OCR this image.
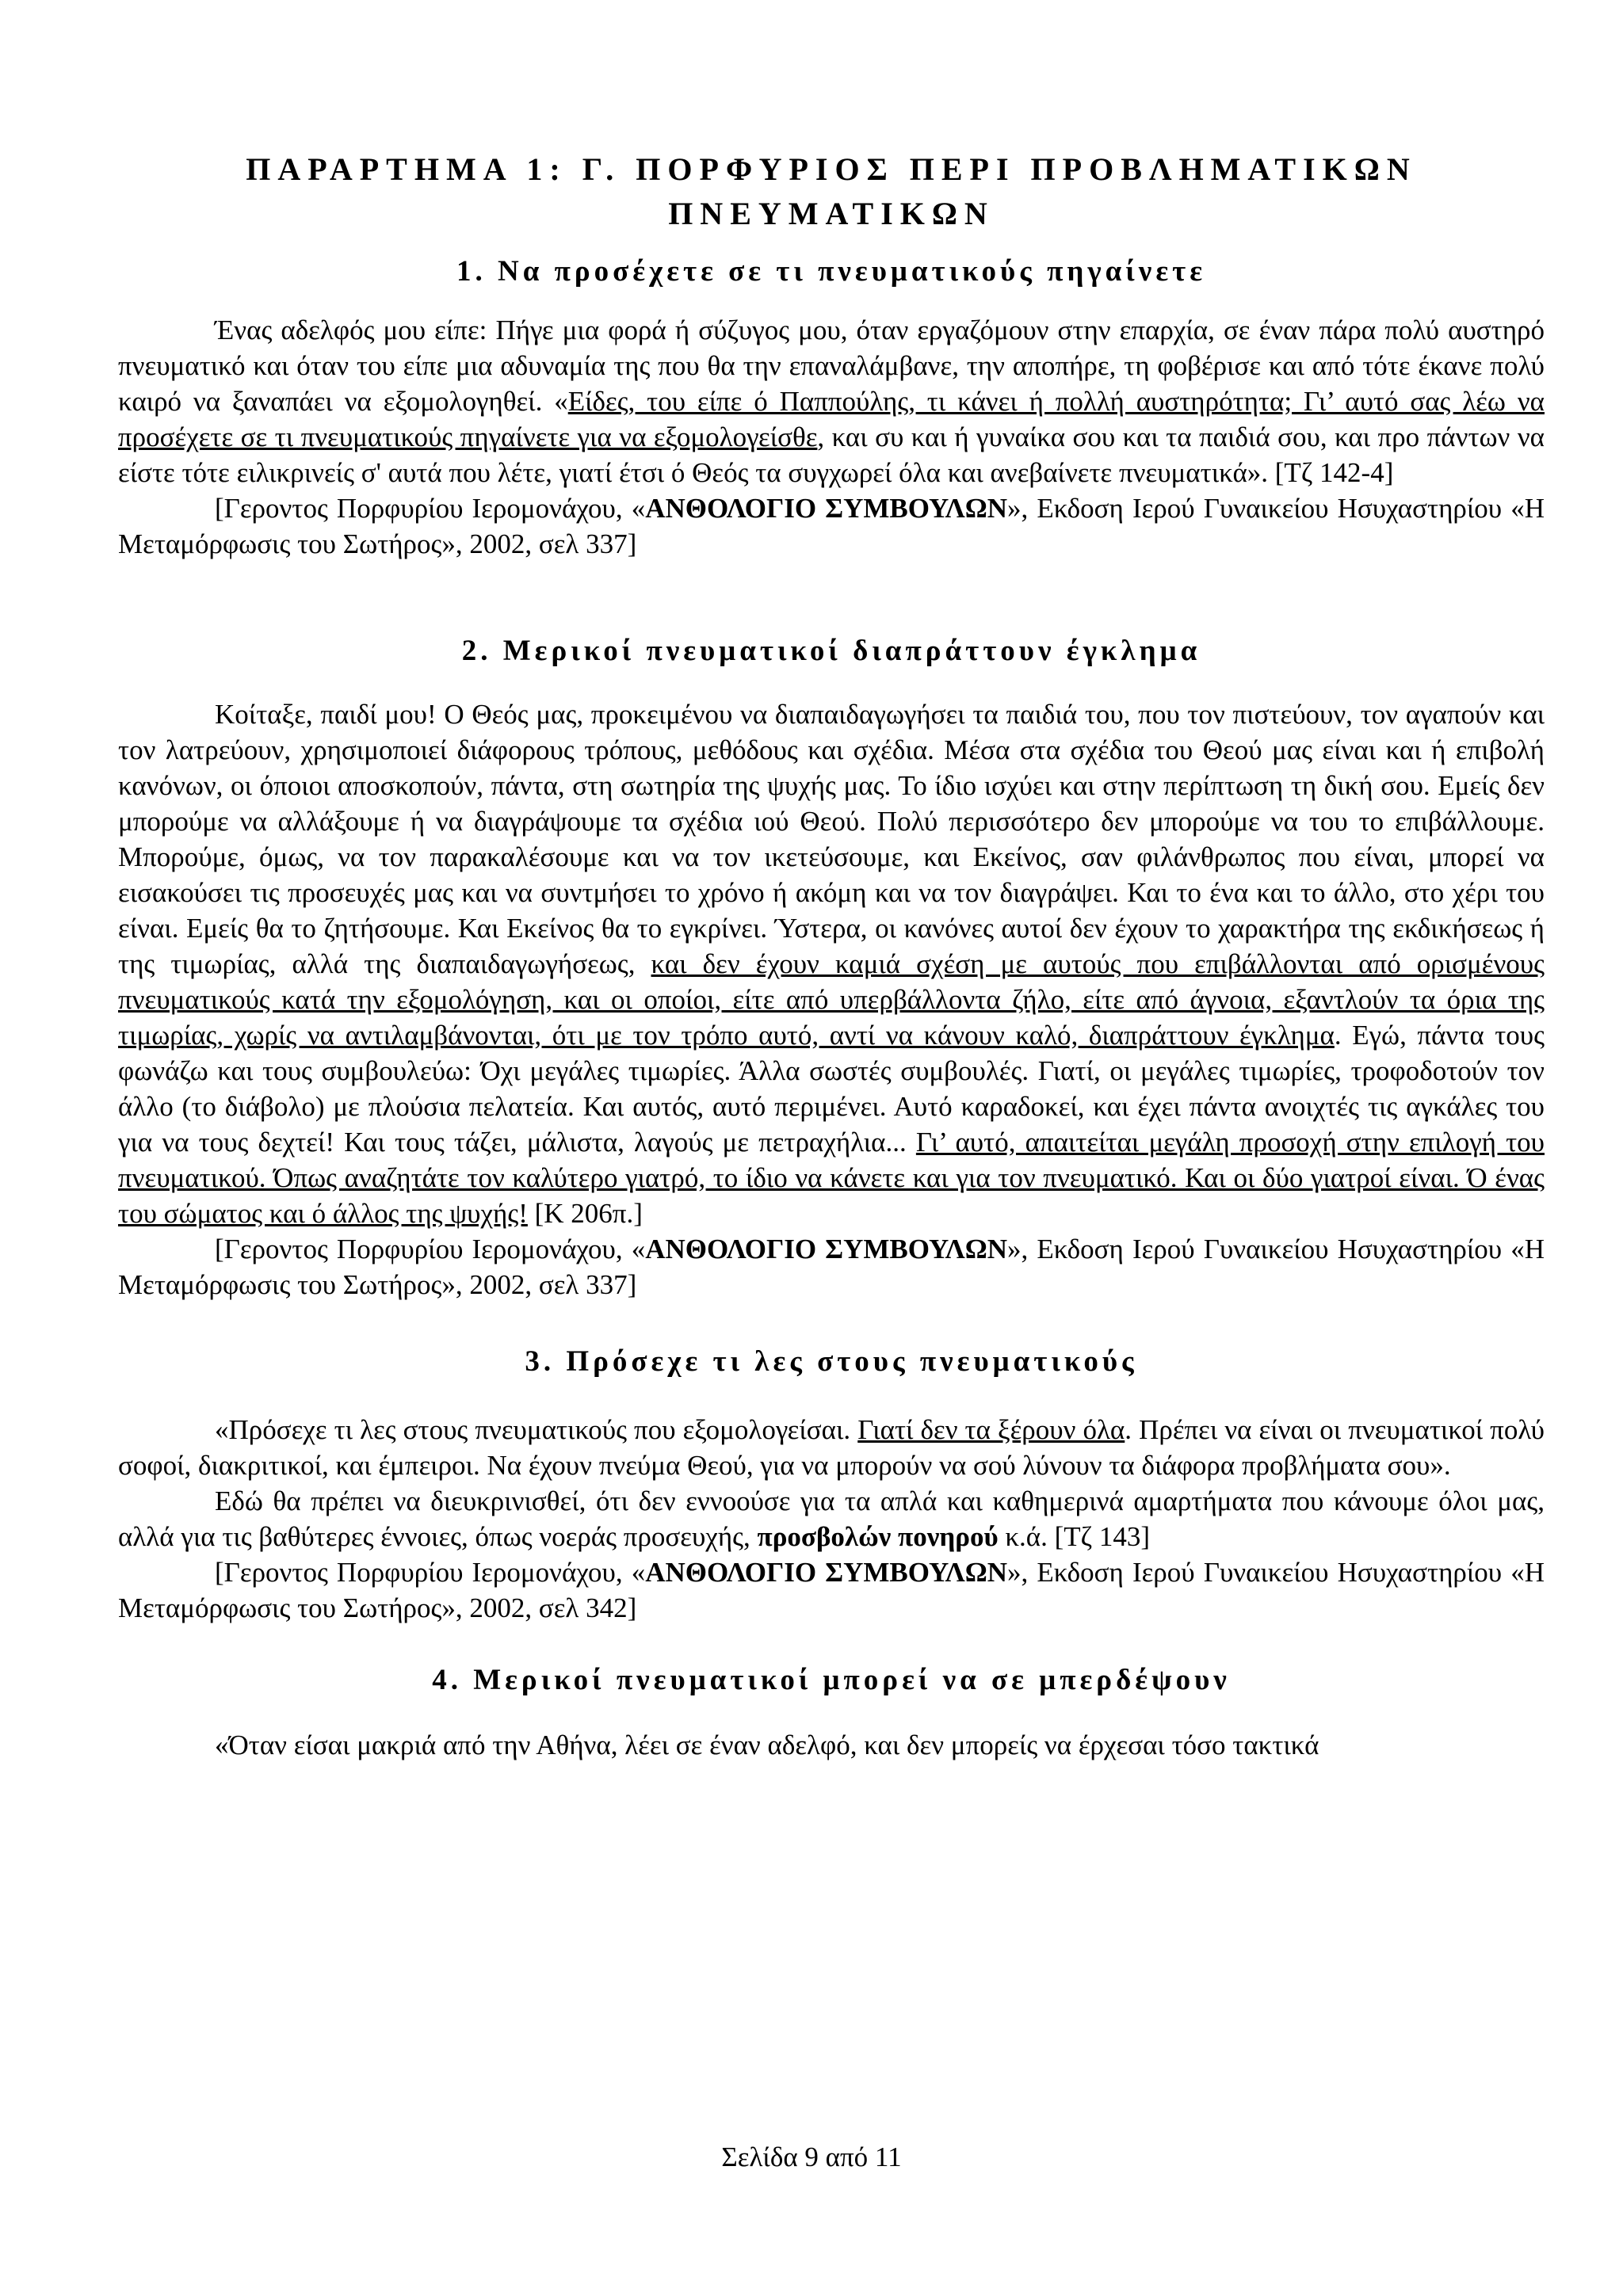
ΠΑΡΑΡΤΗΜΑ 1: Γ. ΠΟΡΦΥΡΙΟΣ ΠΕΡΙ ΠΡΟΒΛΗΜΑΤΙΚΩΝ
ΠΝΕΥΜΑΤΙΚΩΝ
1. Να προσέχετε σε τι πνευματικούς πηγαίνετε

Ένας αδελφός μου είπε: Πήγε μια φορά ή σύζυγος μου, όταν εργαζόμουν στην επαρχία, σε έναν πάρα πολύ αυστηρό πνευματικό και όταν του είπε μια αδυναμία της που θα την επαναλάμβανε, την αποπήρε, τη φοβέρισε και από τότε έκανε πολύ καιρό να ξαναπάει να εξομολογηθεί. «Είδες, του είπε ό Παππούλης, τι κάνει ή πολλή αυστηρότητα; Γι’ αυτό σας λέω να προσέχετε σε τι πνευματικούς πηγαίνετε για να εξομολογείσθε, και συ και ή γυναίκα σου και τα παιδιά σου, και προ πάντων να είστε τότε ειλικρινείς σ' αυτά που λέτε, γιατί έτσι ό Θεός τα συγχωρεί όλα και ανεβαίνετε πνευματικά». [Τζ 142-4]

[Γεροντος Πορφυρίου Ιερομονάχου, «ΑΝΘΟΛΟΓΙΟ ΣΥΜΒΟΥΛΩΝ», Εκδοση Ιερού Γυναικείου Ησυχαστηρίου «Η Μεταμόρφωσις του Σωτήρος», 2002, σελ 337]

2. Μερικοί πνευματικοί διαπράττουν έγκλημα

Κοίταξε, παιδί μου! Ο Θεός μας, προκειμένου να διαπαιδαγωγήσει τα παιδιά του, που τον πιστεύουν, τον αγαπούν και τον λατρεύουν, χρησιμοποιεί διάφορους τρόπους, μεθόδους και σχέδια. Μέσα στα σχέδια του Θεού μας είναι και ή επιβολή κανόνων, οι όποιοι αποσκοπούν, πάντα, στη σωτηρία της ψυχής μας. Το ίδιο ισχύει και στην περίπτωση τη δική σου. Εμείς δεν μπορούμε να αλλάξουμε ή να διαγράψουμε τα σχέδια ιού Θεού. Πολύ περισσότερο δεν μπορούμε να του το επιβάλλουμε. Μπορούμε, όμως, να τον παρακαλέσουμε και να τον ικετεύσουμε, και Εκείνος, σαν φιλάνθρωπος που είναι, μπορεί να εισακούσει τις προσευχές μας και να συντμήσει το χρόνο ή ακόμη και να τον διαγράψει. Και το ένα και το άλλο, στο χέρι του είναι. Εμείς θα το ζητήσουμε. Και Εκείνος θα το εγκρίνει. Ύστερα, οι κανόνες αυτοί δεν έχουν το χαρακτήρα της εκδικήσεως ή της τιμωρίας, αλλά της διαπαιδαγωγήσεως, και δεν έχουν καμιά σχέση με αυτούς που επιβάλλονται από ορισμένους πνευματικούς κατά την εξομολόγηση, και οι οποίοι, είτε από υπερβάλλοντα ζήλο, είτε από άγνοια, εξαντλούν τα όρια της τιμωρίας, χωρίς να αντιλαμβάνονται, ότι με τον τρόπο αυτό, αντί να κάνουν καλό, διαπράττουν έγκλημα. Εγώ, πάντα τους φωνάζω και τους συμβουλεύω: Όχι μεγάλες τιμωρίες. Άλλα σωστές συμβουλές. Γιατί, οι μεγάλες τιμωρίες, τροφοδοτούν τον άλλο (το διάβολο) με πλούσια πελατεία. Και αυτός, αυτό περιμένει. Αυτό καραδοκεί, και έχει πάντα ανοιχτές τις αγκάλες του για να τους δεχτεί! Και τους τάζει, μάλιστα, λαγούς με πετραχήλια... Γι’ αυτό, απαιτείται μεγάλη προσοχή στην επιλογή του πνευματικού. Όπως αναζητάτε τον καλύτερο γιατρό, το ίδιο να κάνετε και για τον πνευματικό. Και οι δύο γιατροί είναι. Ό ένας του σώματος και ό άλλος της ψυχής! [Κ 206π.]

[Γεροντος Πορφυρίου Ιερομονάχου, «ΑΝΘΟΛΟΓΙΟ ΣΥΜΒΟΥΛΩΝ», Εκδοση Ιερού Γυναικείου Ησυχαστηρίου «Η Μεταμόρφωσις του Σωτήρος», 2002, σελ 337]

3. Πρόσεχε τι λες στους πνευματικούς

«Πρόσεχε τι λες στους πνευματικούς που εξομολογείσαι. Γιατί δεν τα ξέρουν όλα. Πρέπει να είναι οι πνευματικοί πολύ σοφοί, διακριτικοί, και έμπειροι. Να έχουν πνεύμα Θεού, για να μπορούν να σού λύνουν τα διάφορα προβλήματα σου».

Εδώ θα πρέπει να διευκρινισθεί, ότι δεν εννοούσε για τα απλά και καθημερινά αμαρτήματα που κάνουμε όλοι μας, αλλά για τις βαθύτερες έννοιες, όπως νοεράς προσευχής, προσβολών πονηρού κ.ά. [Τζ 143]

[Γεροντος Πορφυρίου Ιερομονάχου, «ΑΝΘΟΛΟΓΙΟ ΣΥΜΒΟΥΛΩΝ», Εκδοση Ιερού Γυναικείου Ησυχαστηρίου «Η Μεταμόρφωσις του Σωτήρος», 2002, σελ 342]

4. Μερικοί πνευματικοί μπορεί να σε μπερδέψουν

«Όταν είσαι μακριά από την Αθήνα, λέει σε έναν αδελφό, και δεν μπορείς να έρχεσαι τόσο τακτικά

Σελίδα 9 από 11
